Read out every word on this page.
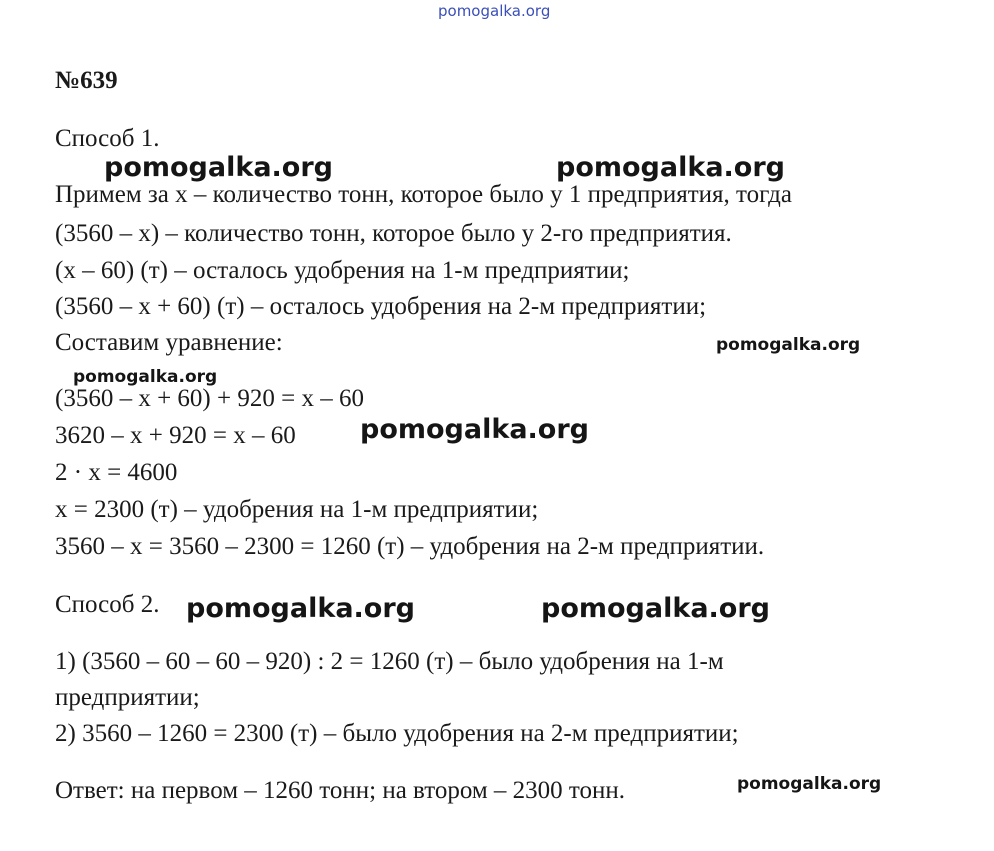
pomogalka.org
№639
Способ 1.
Примем за x – количество тонн, которое было у 1 предприятия, тогда
(3560 – x) – количество тонн, которое было у 2-го предприятия.
(x – 60) (т) – осталось удобрения на 1-м предприятии;
(3560 – x + 60) (т) – осталось удобрения на 2-м предприятии;
Составим уравнение:
(3560 – x + 60) + 920 = x – 60
3620 – x + 920 = x – 60
2 · x = 4600
x = 2300 (т) – удобрения на 1-м предприятии;
3560 – x = 3560 – 2300 = 1260 (т) – удобрения на 2-м предприятии.
Способ 2.
1) (3560 – 60 – 60 – 920) : 2 = 1260 (т) – было удобрения на 1-м
предприятии;
2) 3560 – 1260 = 2300 (т) – было удобрения на 2-м предприятии;
Ответ: на первом – 1260 тонн; на втором – 2300 тонн.
pomogalka.org	pomogalka.org
pomogalka.org
pomogalka.org
pomogalka.org
pomogalka.org	pomogalka.org
pomogalka.org
